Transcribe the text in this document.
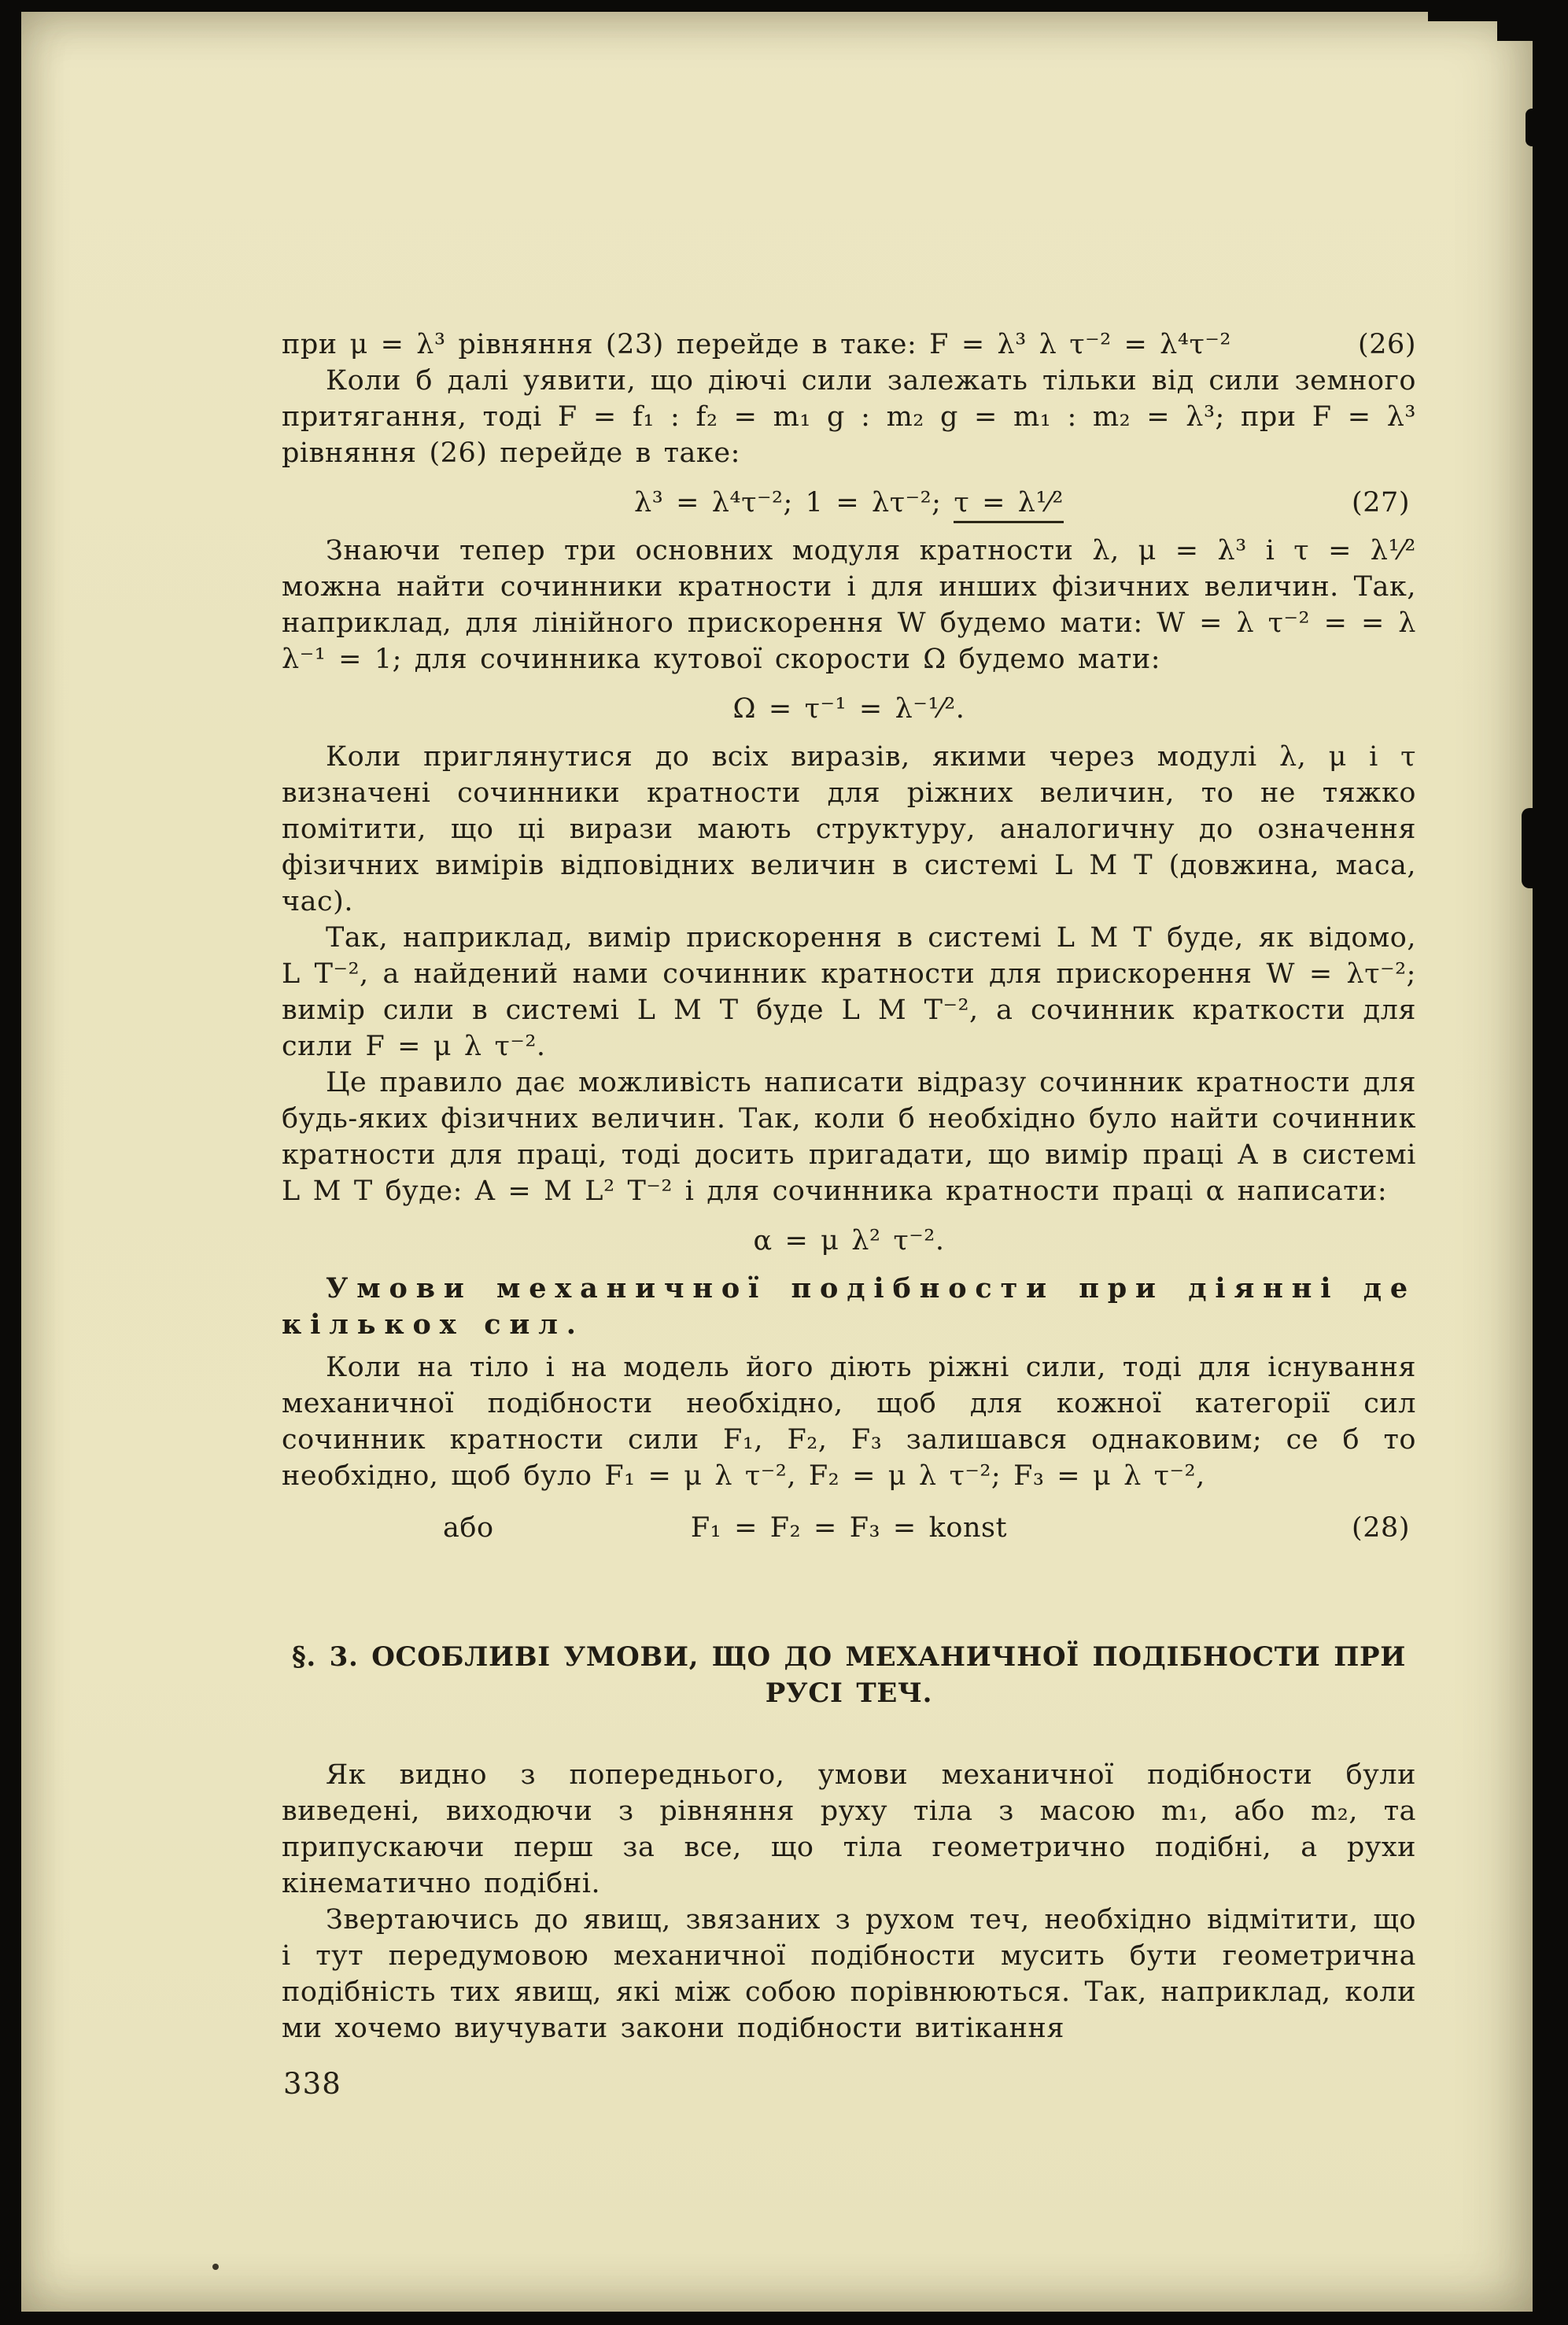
при μ = λ³ рівняння (23) перейде в таке: F = λ³ λ τ⁻² = λ⁴τ⁻²	(26)

Коли б далі уявити, що діючі сили залежать тільки від сили земного притягання, тоді F = f₁ : f₂ = m₁ g : m₂ g = m₁ : m₂ = λ³; при F = λ³ рівняння (26) перейде в таке:

λ³ = λ⁴τ⁻²; 1 = λτ⁻²; τ = λ¹⁄²	(27)

Знаючи тепер три основних модуля кратности λ, μ = λ³ і τ = λ¹⁄² можна найти сочинники кратности і для инших фізичних величин. Так, наприклад, для лінійного прискорення W будемо мати: W = λ τ⁻² = = λ λ⁻¹ = 1; для сочинника кутової скорости Ω будемо мати:

Ω = τ⁻¹ = λ⁻¹⁄².

Коли приглянутися до всіх виразів, якими через модулі λ, μ і τ визначені сочинники кратности для ріжних величин, то не тяжко помітити, що ці вирази мають структуру, аналогичну до означення фізичних вимірів відповідних величин в системі L M T (довжина, маса, час).

Так, наприклад, вимір прискорення в системі L M T буде, як відомо, L T⁻², а найдений нами сочинник кратности для прискорення W = λτ⁻²; вимір сили в системі L M T буде L M T⁻², а сочинник краткости для сили F = μ λ τ⁻².

Це правило дає можливість написати відразу сочинник кратности для будь-яких фізичних величин. Так, коли б необхідно було найти сочинник кратности для праці, тоді досить пригадати, що вимір праці A в системі L M T буде: A = M L² T⁻² і для сочинника кратности праці α написати:

α = μ λ² τ⁻².
Умови механичної подібности при діянні де кількох сил.

Коли на тіло і на модель його діють ріжні сили, тоді для існування механичної подібности необхідно, щоб для кожної категорії сил сочинник кратности сили F₁, F₂, F₃ залишався однаковим; се б то необхідно, щоб було F₁ = μ λ τ⁻², F₂ = μ λ τ⁻²; F₃ = μ λ τ⁻²,

або	F₁ = F₂ = F₃ = konst	(28)
§. 3. ОСОБЛИВІ УМОВИ, ЩО ДО МЕХАНИЧНОЇ ПОДІБНОСТИ ПРИ РУСІ ТЕЧ.

Як видно з попереднього, умови механичної подібности були виведені, виходючи з рівняння руху тіла з масою m₁, або m₂, та припускаючи перш за все, що тіла геометрично подібні, а рухи кінематично подібні.

Звертаючись до явищ, звязаних з рухом теч, необхідно відмітити, що і тут передумовою механичної подібности мусить бути геометрична подібність тих явищ, які між собою порівнюються. Так, наприклад, коли ми хочемо виучувати закони подібности витікання

338
